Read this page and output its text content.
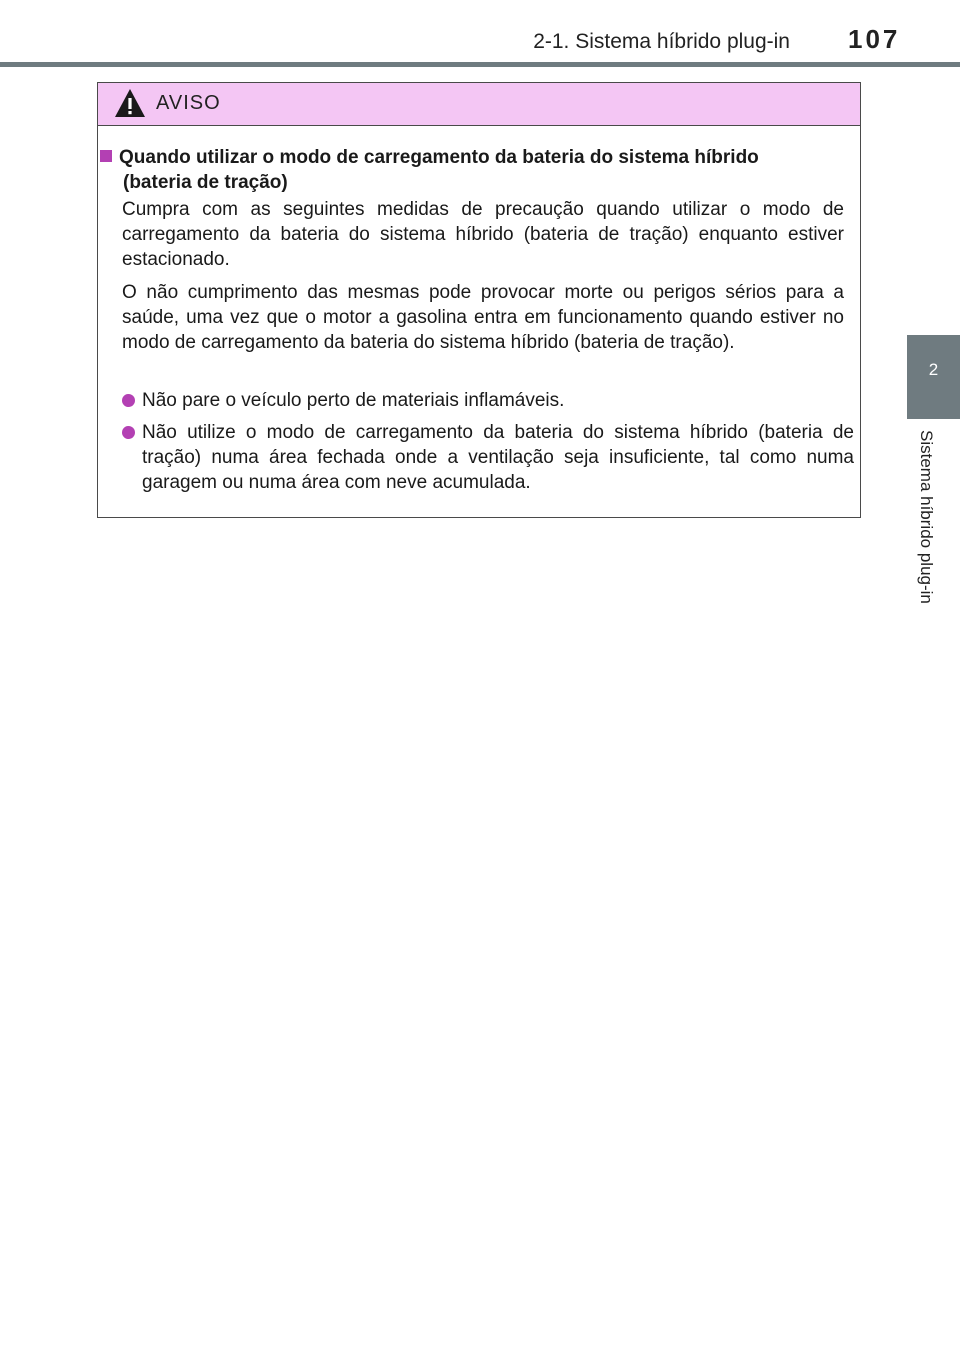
2-1. Sistema híbrido plug-in 107
2
Sistema híbrido plug-in
AVISO
Quando utilizar o modo de carregamento da bateria do sistema híbrido
(bateria de tração)
Cumpra com as seguintes medidas de precaução quando utilizar o modo de carregamento da bateria do sistema híbrido (bateria de tração) enquanto estiver estacionado.
O não cumprimento das mesmas pode provocar morte ou perigos sérios para a saúde, uma vez que o motor a gasolina entra em funcionamento quando estiver no modo de carregamento da bateria do sistema híbrido (bateria de tração).
Não pare o veículo perto de materiais inflamáveis.
Não utilize o modo de carregamento da bateria do sistema híbrido (bateria de tração) numa área fechada onde a ventilação seja insuficiente, tal como numa garagem ou numa área com neve acumulada.
